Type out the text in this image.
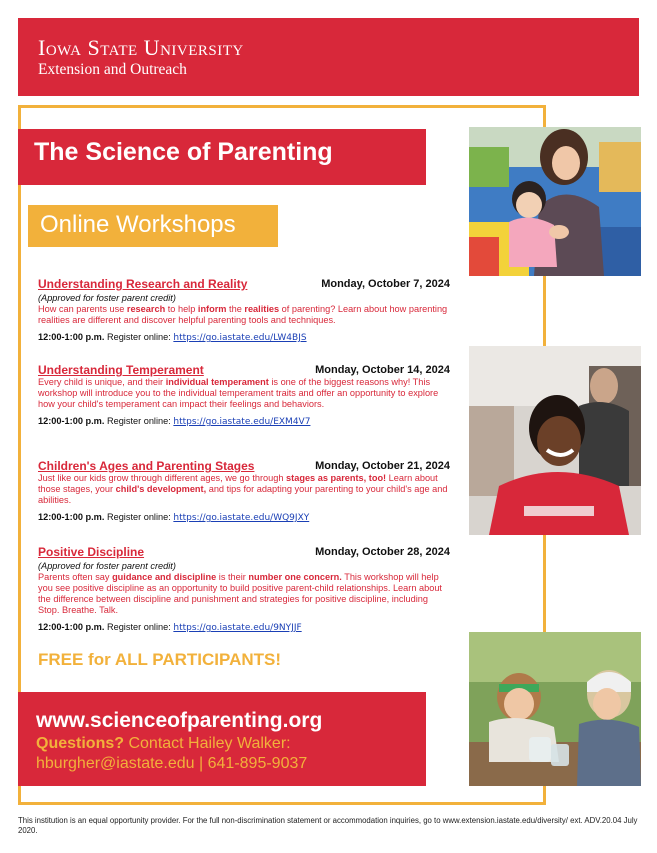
Iowa State University
Extension and Outreach
The Science of Parenting
Online Workshops
Understanding Research and Reality	Monday, October 7, 2024
(Approved for foster parent credit)
How can parents use research to help inform the realities of parenting? Learn about how parenting realities are different and discover helpful parenting tools and techniques.
12:00-1:00 p.m. Register online: https://go.iastate.edu/LW4BJS
Understanding Temperament	Monday, October 14, 2024
Every child is unique, and their individual temperament is one of the biggest reasons why! This workshop will introduce you to the individual temperament traits and offer an opportunity to explore how your child's temperament can impact their feelings and behaviors.
12:00-1:00 p.m. Register online: https://go.iastate.edu/EXM4V7
Children's Ages and Parenting Stages	Monday, October 21, 2024
Just like our kids grow through different ages, we go through stages as parents, too! Learn about those stages, your child's development, and tips for adapting your parenting to your child's age and abilities.
12:00-1:00 p.m. Register online: https://go.iastate.edu/WQ9JXY
Positive Discipline	Monday, October 28, 2024
(Approved for foster parent credit)
Parents often say guidance and discipline is their number one concern. This workshop will help you see positive discipline as an opportunity to build positive parent-child relationships. Learn about the difference between discipline and punishment and strategies for positive discipline, including Stop. Breathe. Talk.
12:00-1:00 p.m. Register online: https://go.iastate.edu/9NYJJF
FREE for ALL PARTICIPANTS!
www.scienceofparenting.org
Questions? Contact Hailey Walker:
hburgher@iastate.edu | 641-895-9037
This institution is an equal opportunity provider. For the full non-discrimination statement or accommodation inquiries, go to www.extension.iastate.edu/diversity/ ext. ADV.20.04 July 2020.
